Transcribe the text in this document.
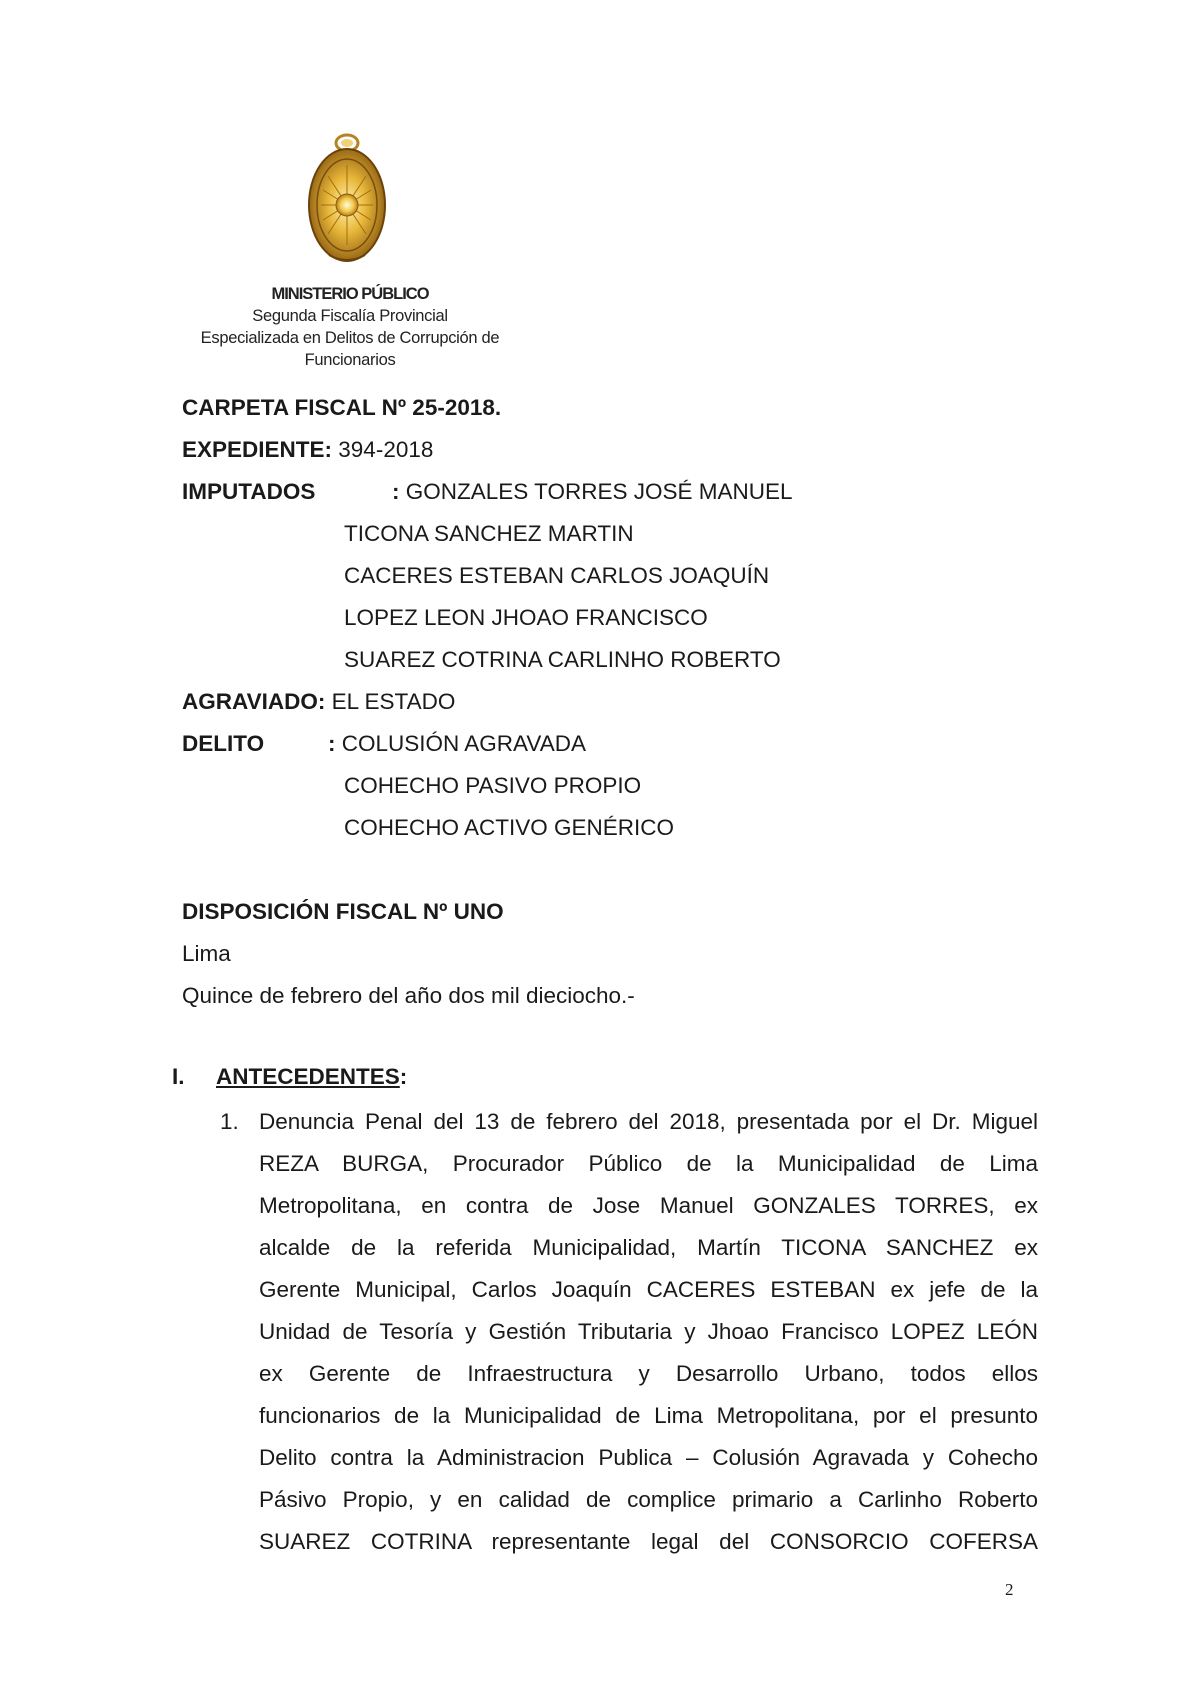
MINISTERIO PÚBLICO
Segunda Fiscalía Provincial
Especializada en Delitos de Corrupción de
Funcionarios
CARPETA FISCAL Nº 25-2018.
EXPEDIENTE: 394-2018
IMPUTADOS	: GONZALES TORRES JOSÉ MANUEL
TICONA SANCHEZ MARTIN
CACERES ESTEBAN CARLOS JOAQUÍN
LOPEZ LEON JHOAO FRANCISCO
SUAREZ COTRINA CARLINHO ROBERTO
AGRAVIADO: EL ESTADO
DELITO	: COLUSIÓN AGRAVADA
COHECHO PASIVO PROPIO
COHECHO ACTIVO GENÉRICO
DISPOSICIÓN FISCAL Nº UNO
Lima
Quince de febrero del año dos mil dieciocho.-
I. ANTECEDENTES:
1. Denuncia Penal del 13 de febrero del 2018, presentada por el Dr. Miguel
REZA BURGA, Procurador Público de la Municipalidad de Lima
Metropolitana, en contra de Jose Manuel GONZALES TORRES, ex
alcalde de la referida Municipalidad, Martín TICONA SANCHEZ ex
Gerente Municipal, Carlos Joaquín CACERES ESTEBAN ex jefe de la
Unidad de Tesoría y Gestión Tributaria y Jhoao Francisco LOPEZ LEÓN
ex Gerente de Infraestructura y Desarrollo Urbano, todos ellos
funcionarios de la Municipalidad de Lima Metropolitana, por el presunto
Delito contra la Administracion Publica – Colusión Agravada y Cohecho
Pásivo Propio, y en calidad de complice primario a Carlinho Roberto
SUAREZ COTRINA representante legal del CONSORCIO COFERSA
2
